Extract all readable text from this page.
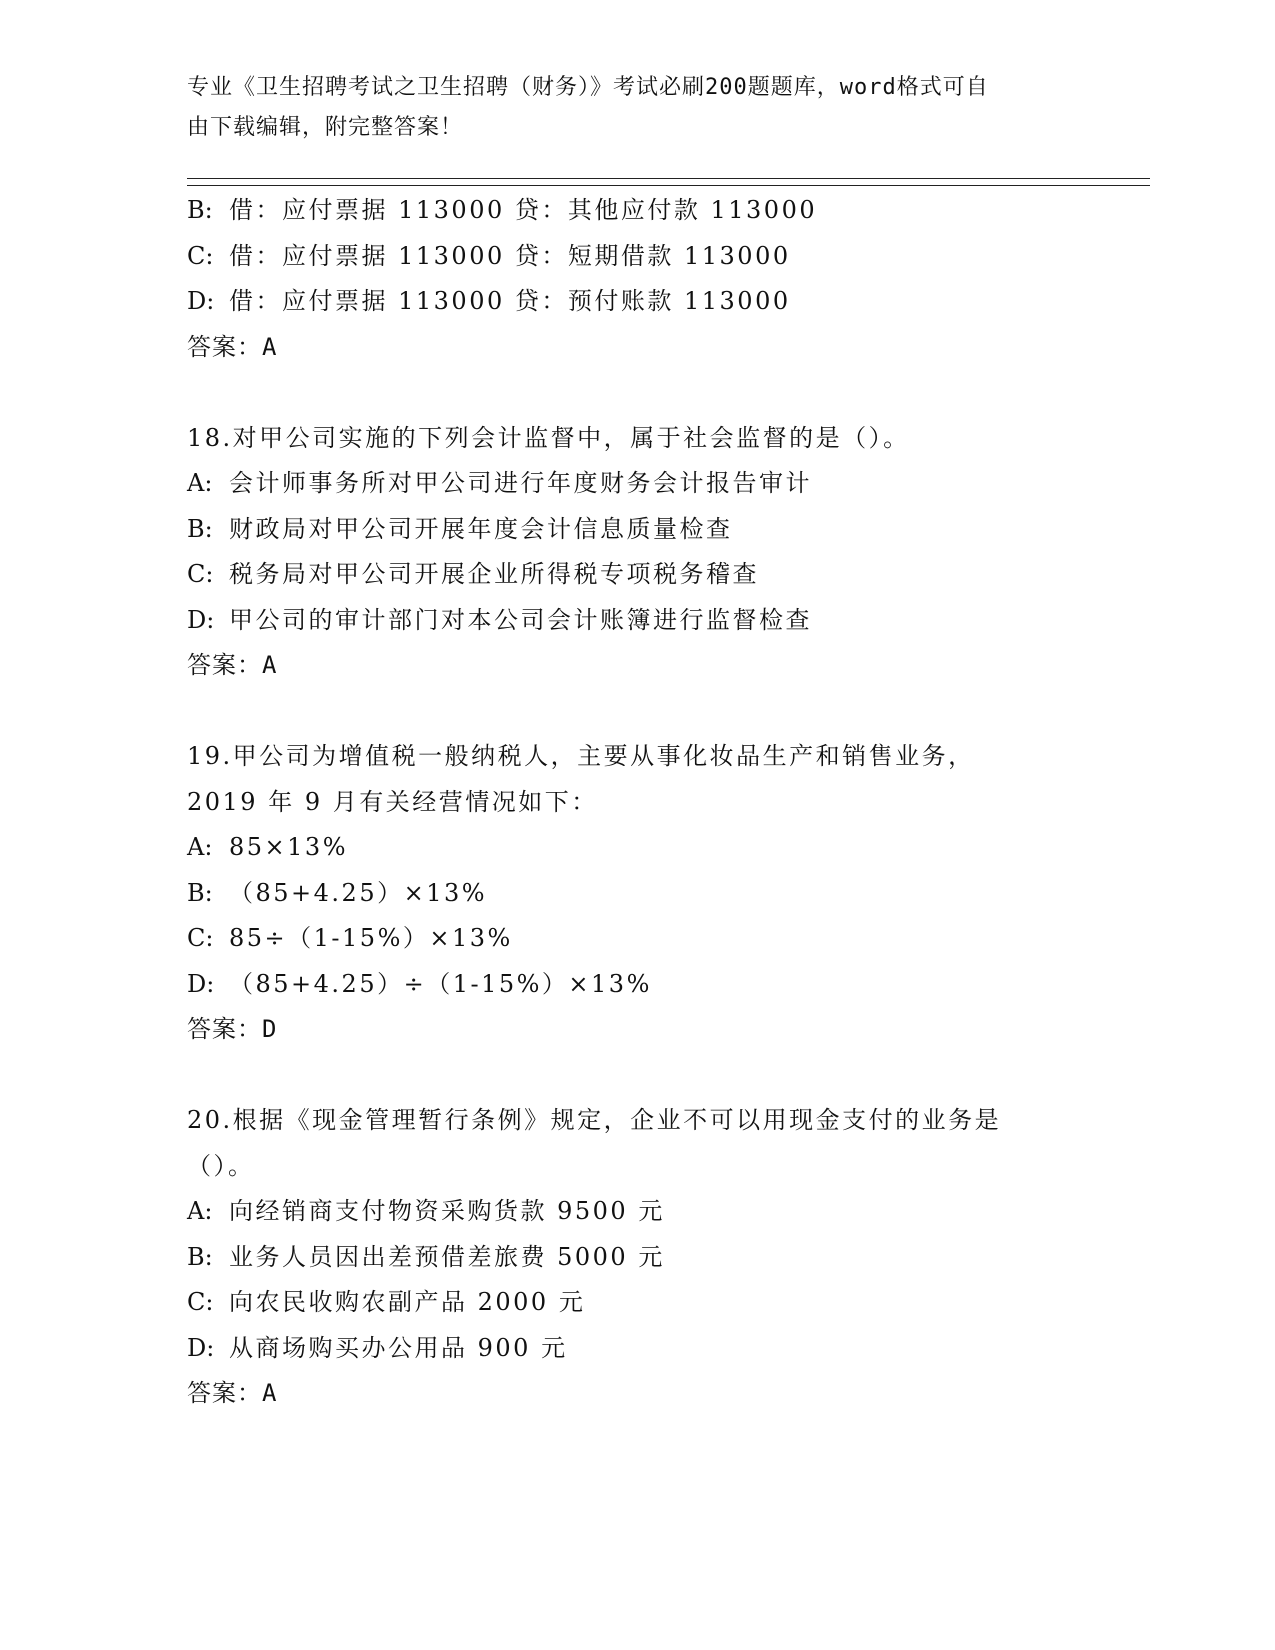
专业《卫生招聘考试之卫生招聘（财务）》考试必刷200题题库，word格式可自
由下载编辑，附完整答案！
B: 借：应付票据 113000 贷：其他应付款 113000
C: 借：应付票据 113000 贷：短期借款 113000
D: 借：应付票据 113000 贷：预付账款 113000
答案：A
18.对甲公司实施的下列会计监督中，属于社会监督的是（）。
A: 会计师事务所对甲公司进行年度财务会计报告审计
B: 财政局对甲公司开展年度会计信息质量检查
C: 税务局对甲公司开展企业所得税专项税务稽查
D: 甲公司的审计部门对本公司会计账簿进行监督检查
答案：A
19.甲公司为增值税一般纳税人，主要从事化妆品生产和销售业务，
2019 年 9 月有关经营情况如下：
A: 85×13%
B: （85+4.25）×13%
C: 85÷（1-15%）×13%
D: （85+4.25）÷（1-15%）×13%
答案：D
20.根据《现金管理暂行条例》规定，企业不可以用现金支付的业务是
（）。
A: 向经销商支付物资采购货款 9500 元
B: 业务人员因出差预借差旅费 5000 元
C: 向农民收购农副产品 2000 元
D: 从商场购买办公用品 900 元
答案：A
